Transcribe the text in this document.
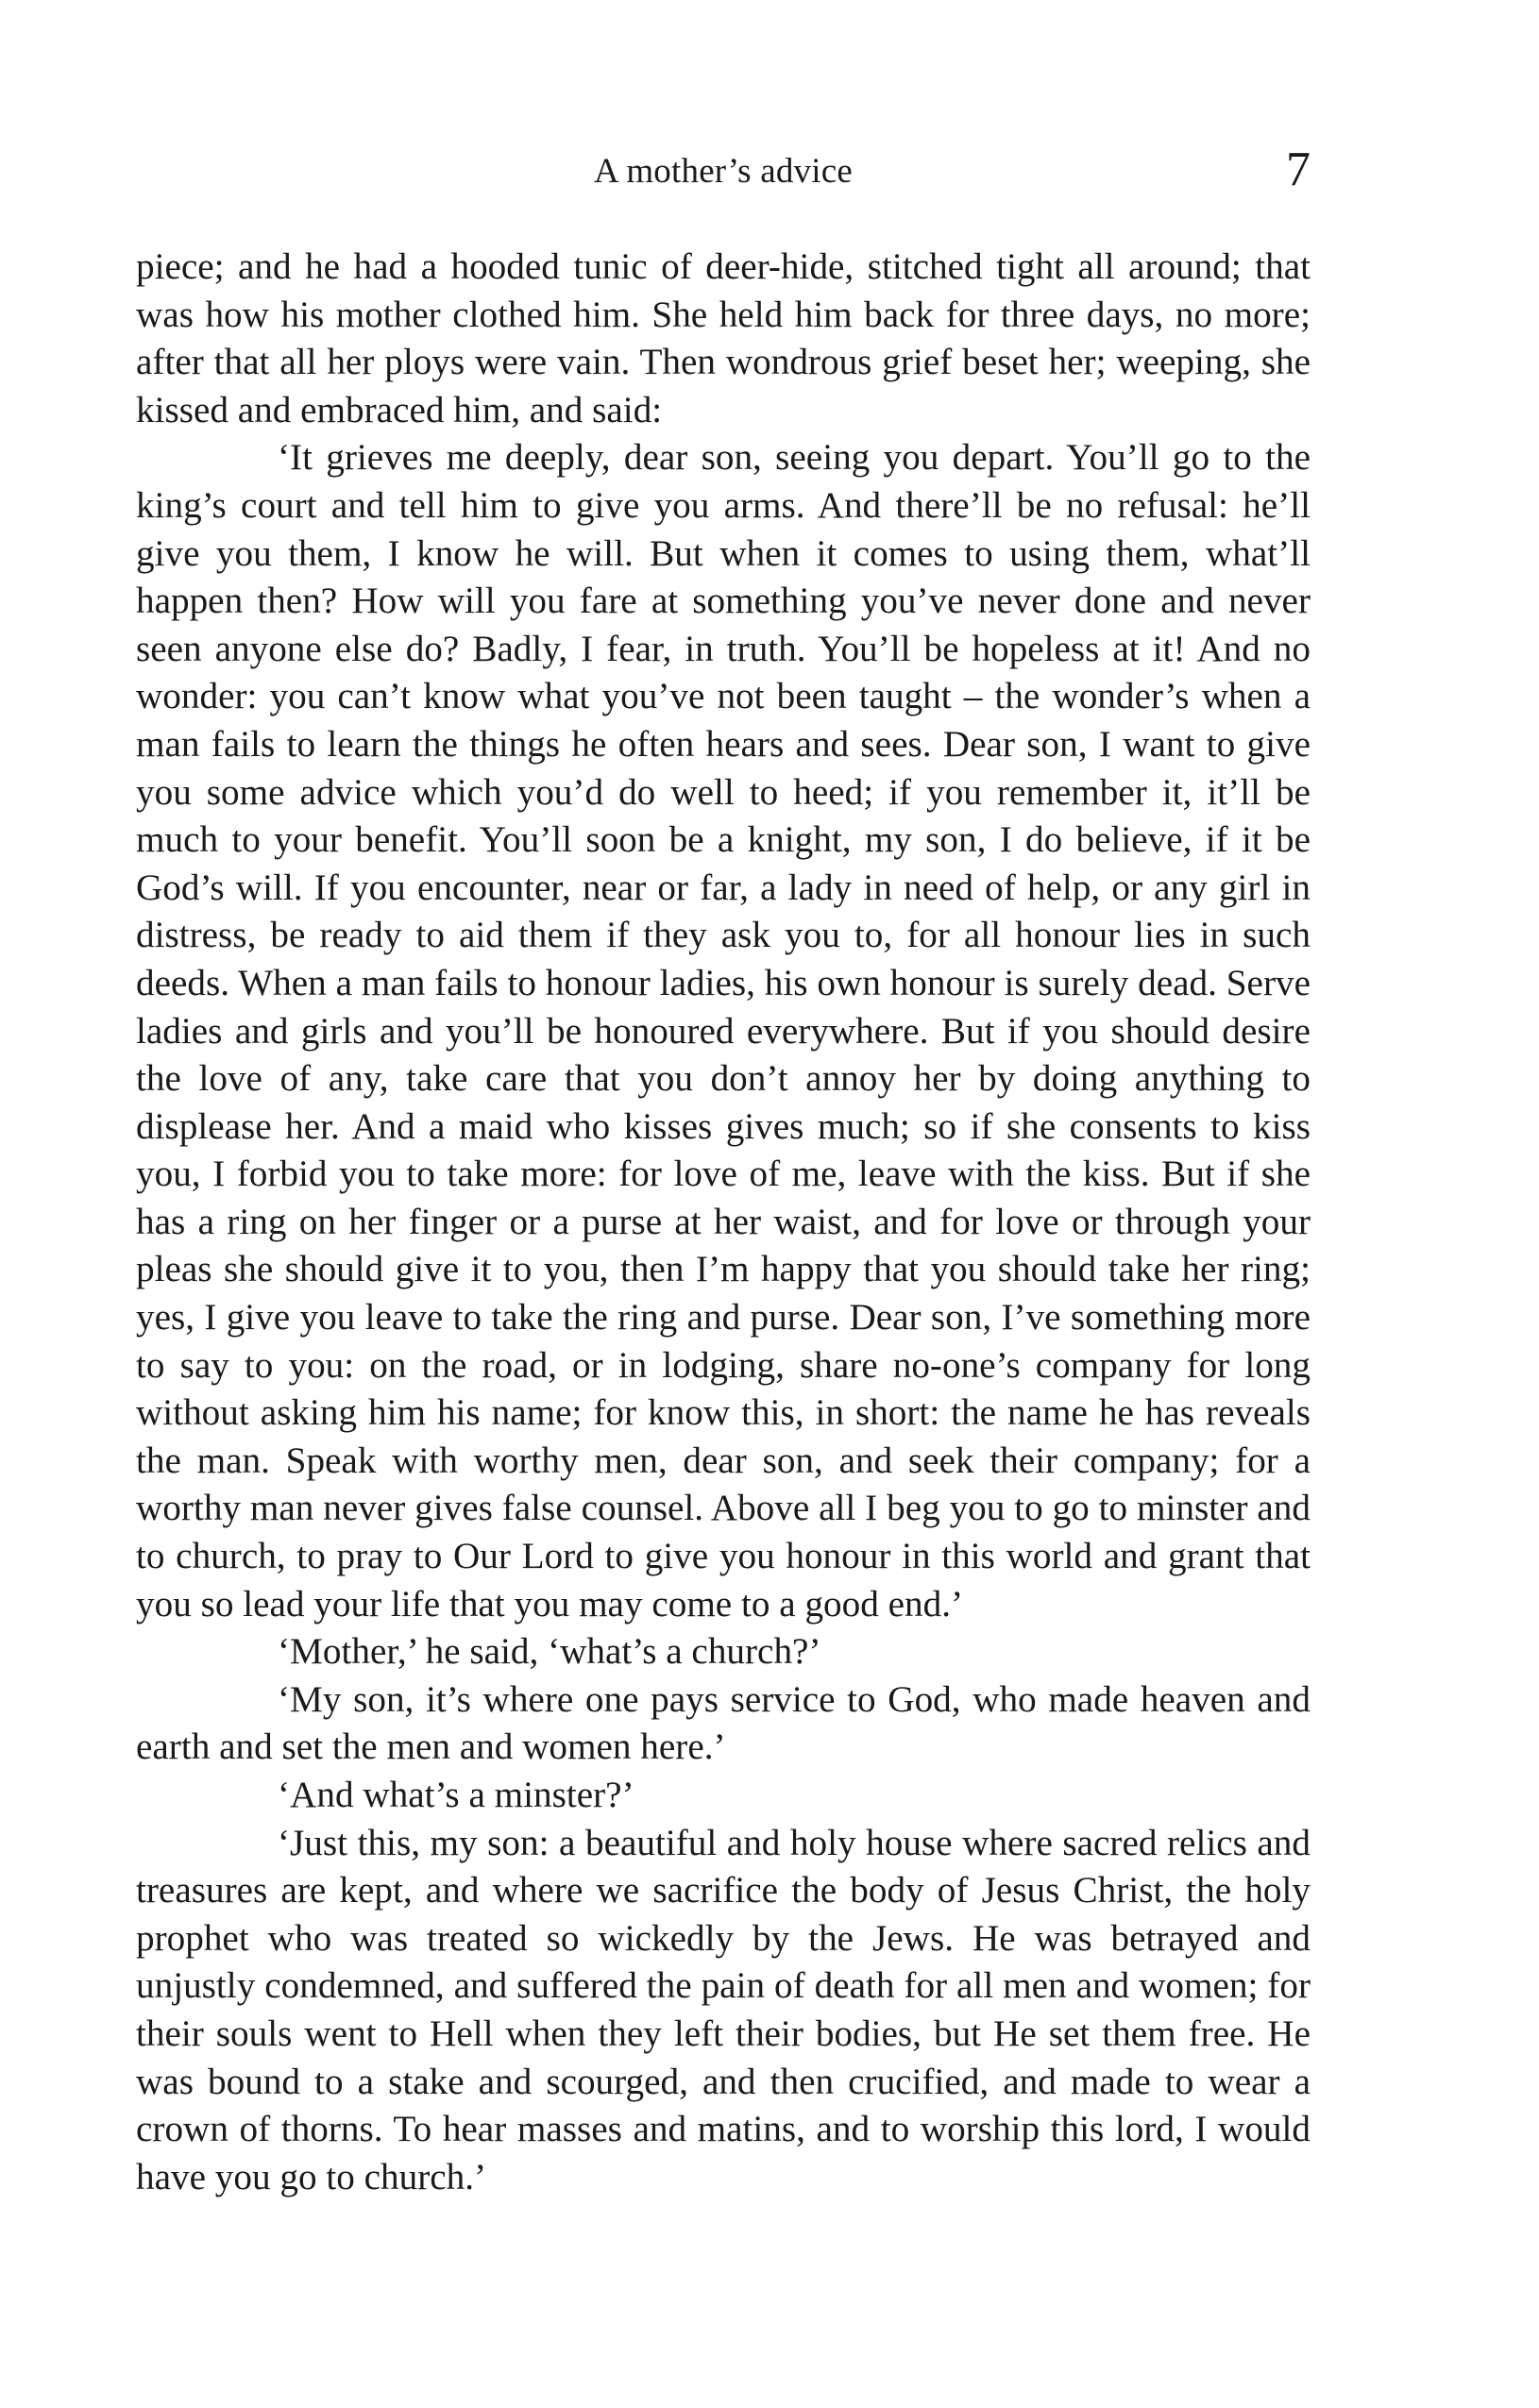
A mother’s advice	7

piece; and he had a hooded tunic of deer-hide, stitched tight all around; that was how his mother clothed him. She held him back for three days, no more; after that all her ploys were vain. Then wondrous grief beset her; weeping, she kissed and embraced him, and said:

‘It grieves me deeply, dear son, seeing you depart. You’ll go to the king’s court and tell him to give you arms. And there’ll be no refusal: he’ll give you them, I know he will. But when it comes to using them, what’ll happen then? How will you fare at something you’ve never done and never seen anyone else do? Badly, I fear, in truth. You’ll be hopeless at it! And no wonder: you can’t know what you’ve not been taught – the wonder’s when a man fails to learn the things he often hears and sees. Dear son, I want to give you some advice which you’d do well to heed; if you remember it, it’ll be much to your benefit. You’ll soon be a knight, my son, I do believe, if it be God’s will. If you encounter, near or far, a lady in need of help, or any girl in distress, be ready to aid them if they ask you to, for all honour lies in such deeds. When a man fails to honour ladies, his own honour is surely dead. Serve ladies and girls and you’ll be honoured everywhere. But if you should desire the love of any, take care that you don’t annoy her by doing anything to displease her. And a maid who kisses gives much; so if she consents to kiss you, I forbid you to take more: for love of me, leave with the kiss. But if she has a ring on her finger or a purse at her waist, and for love or through your pleas she should give it to you, then I’m happy that you should take her ring; yes, I give you leave to take the ring and purse. Dear son, I’ve something more to say to you: on the road, or in lodging, share no-one’s company for long without asking him his name; for know this, in short: the name he has reveals the man. Speak with worthy men, dear son, and seek their company; for a worthy man never gives false counsel. Above all I beg you to go to minster and to church, to pray to Our Lord to give you honour in this world and grant that you so lead your life that you may come to a good end.’

‘Mother,’ he said, ‘what’s a church?’

‘My son, it’s where one pays service to God, who made heaven and earth and set the men and women here.’

‘And what’s a minster?’

‘Just this, my son: a beautiful and holy house where sacred relics and treasures are kept, and where we sacrifice the body of Jesus Christ, the holy prophet who was treated so wickedly by the Jews. He was betrayed and unjustly condemned, and suffered the pain of death for all men and women; for their souls went to Hell when they left their bodies, but He set them free. He was bound to a stake and scourged, and then crucified, and made to wear a crown of thorns. To hear masses and matins, and to worship this lord, I would have you go to church.’
